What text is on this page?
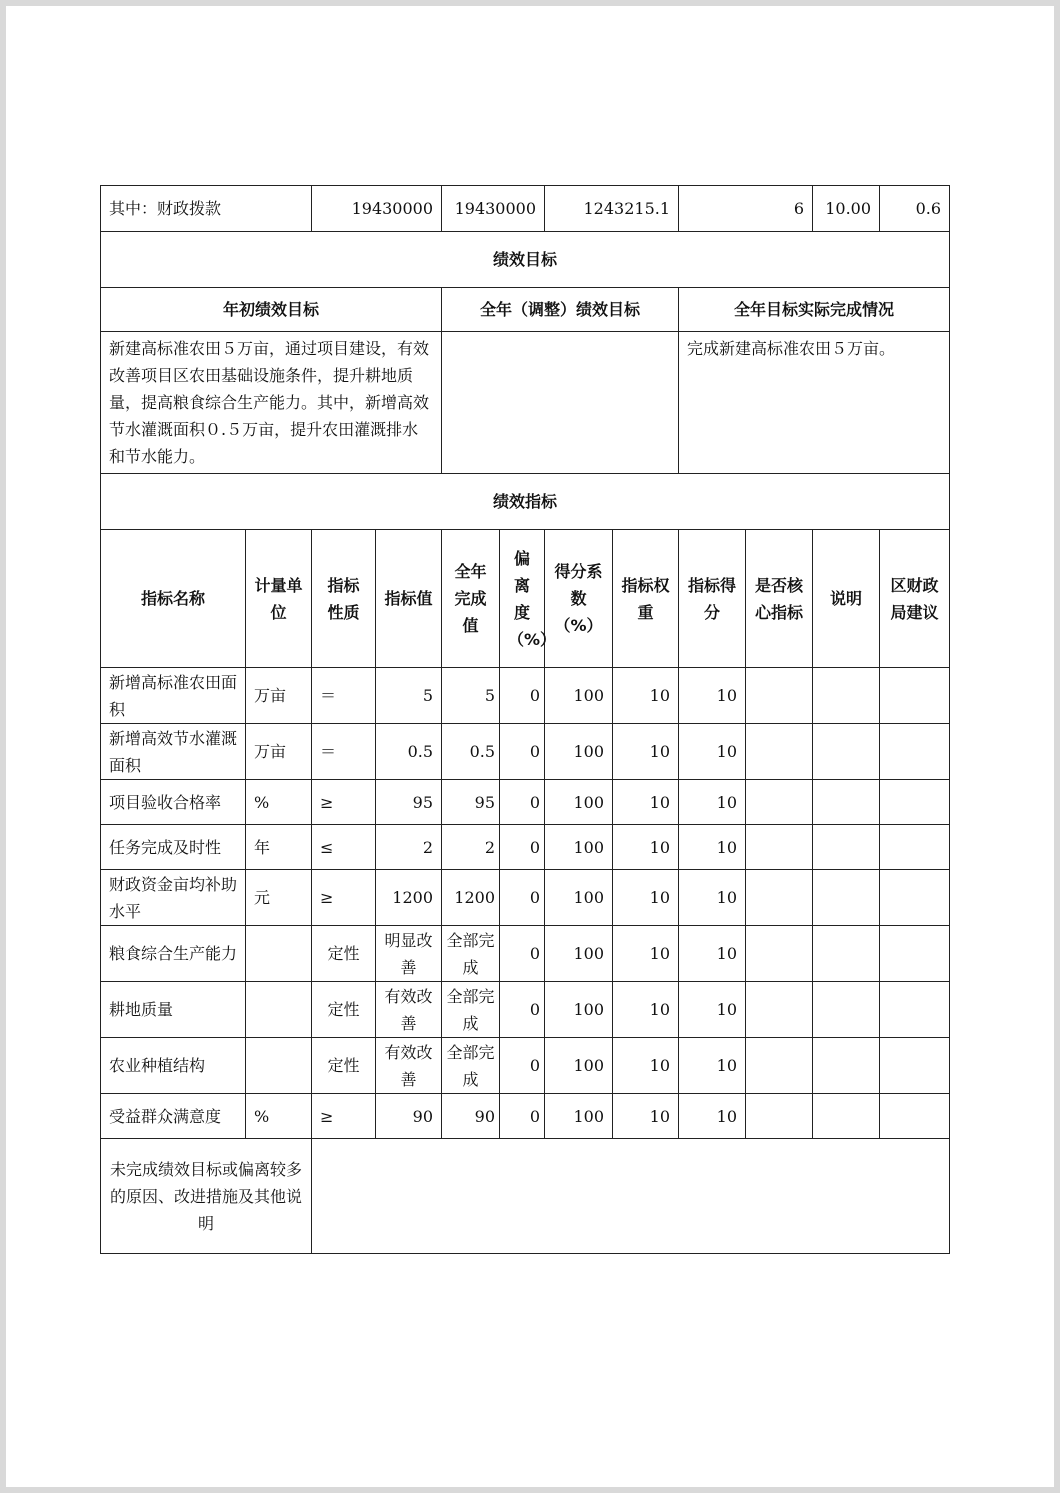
其中：财政拨款		19430000		19430000		1243215.1		6		10.00	0.6
绩效目标											
年初绩效目标				全年（调整）绩效目标				全年目标实际完成情况			
新建高标准农田５万亩，通过项目建设，有效改善项目区农田基础设施条件，提升耕地质量，提高粮食综合生产能力。其中，新增高效节水灌溉面积０.５万亩，提升农田灌溉排水和节水能力。								完成新建高标准农田５万亩。			
绩效指标											
指标名称	计量单位	指标性质	指标值	全年完成值	偏离度（%）	得分系数（%）	指标权重	指标得分	是否核心指标	说明	区财政局建议
新增高标准农田面积	万亩	＝	5	5	0	100	10	10			
新增高效节水灌溉面积	万亩	＝	0.5	0.5	0	100	10	10			
项目验收合格率	%	≥	95	95	0	100	10	10			
任务完成及时性	年	≤	2	2	0	100	10	10			
财政资金亩均补助水平	元	≥	1200	1200	0	100	10	10			
粮食综合生产能力		定性	明显改善	全部完成	0	100	10	10			
耕地质量		定性	有效改善	全部完成	0	100	10	10			
农业种植结构		定性	有效改善	全部完成	0	100	10	10			
受益群众满意度	%	≥	90	90	0	100	10	10			
未完成绩效目标或偏离较多的原因、改进措施及其他说明											
